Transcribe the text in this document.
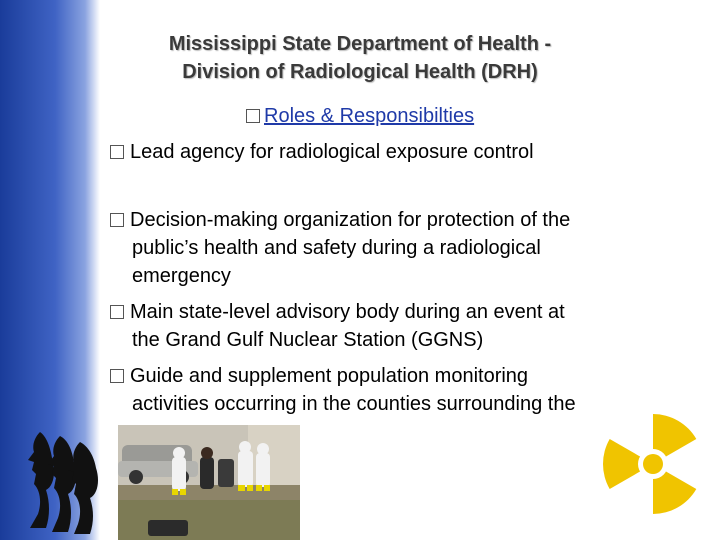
Mississippi State Department of Health -
Division of Radiological Health (DRH)
Roles & Responsibilties
Lead agency for radiological exposure control
Decision-making organization for protection of the
public’s health and safety during a radiological
emergency
Main state-level advisory body during an event at
the Grand Gulf Nuclear Station (GGNS)
Guide and supplement population monitoring
activities occurring in the counties surrounding the
